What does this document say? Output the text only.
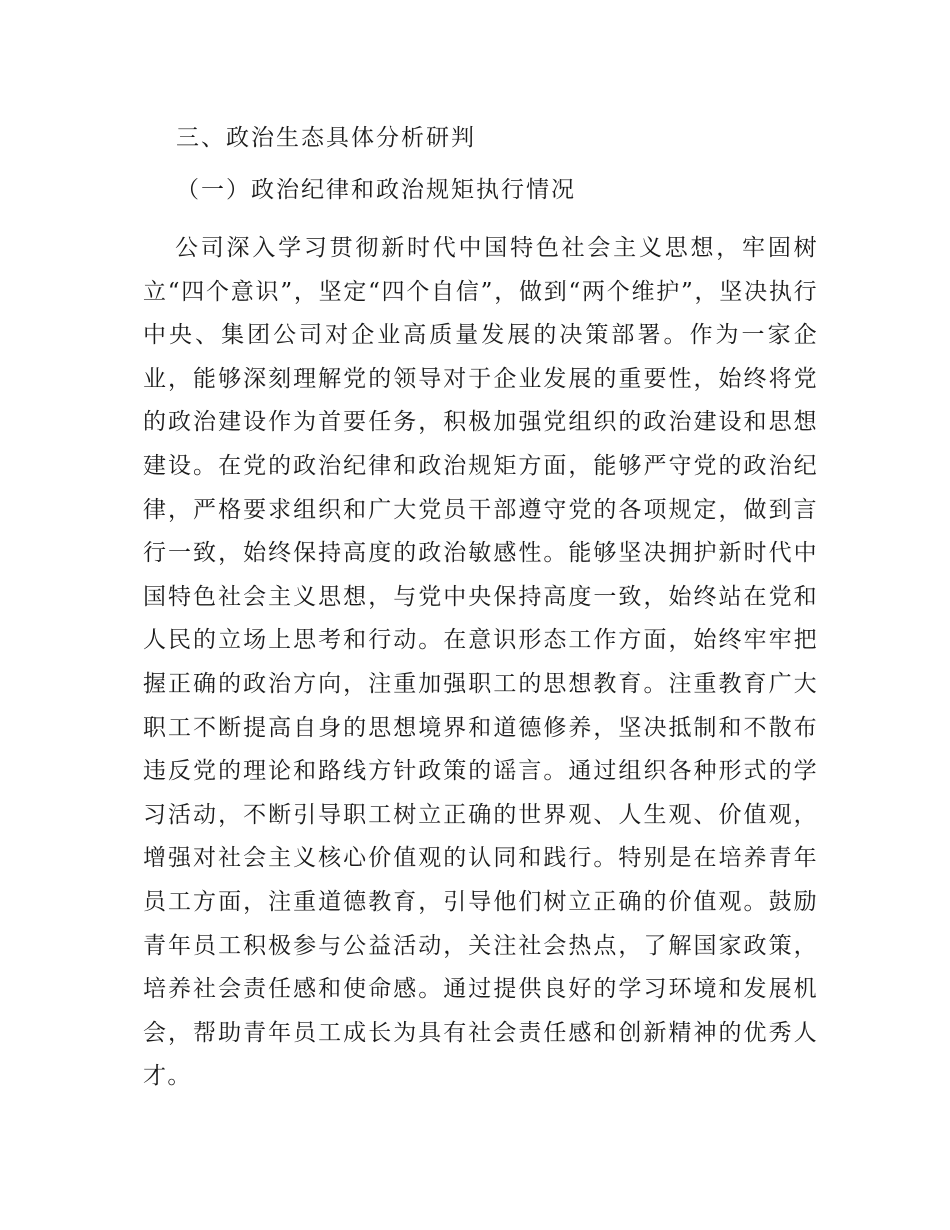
三、政治生态具体分析研判
（一）政治纪律和政治规矩执行情况

公司深入学习贯彻新时代中国特色社会主义思想，牢固树立“四个意识”，坚定“四个自信”，做到“两个维护”，坚决执行中央、集团公司对企业高质量发展的决策部署。作为一家企业，能够深刻理解党的领导对于企业发展的重要性，始终将党的政治建设作为首要任务，积极加强党组织的政治建设和思想建设。在党的政治纪律和政治规矩方面，能够严守党的政治纪律，严格要求组织和广大党员干部遵守党的各项规定，做到言行一致，始终保持高度的政治敏感性。能够坚决拥护新时代中国特色社会主义思想，与党中央保持高度一致，始终站在党和人民的立场上思考和行动。在意识形态工作方面，始终牢牢把握正确的政治方向，注重加强职工的思想教育。注重教育广大职工不断提高自身的思想境界和道德修养，坚决抵制和不散布违反党的理论和路线方针政策的谣言。通过组织各种形式的学习活动，不断引导职工树立正确的世界观、人生观、价值观，增强对社会主义核心价值观的认同和践行。特别是在培养青年员工方面，注重道德教育，引导他们树立正确的价值观。鼓励青年员工积极参与公益活动，关注社会热点，了解国家政策，培养社会责任感和使命感。通过提供良好的学习环境和发展机会，帮助青年员工成长为具有社会责任感和创新精神的优秀人才。
